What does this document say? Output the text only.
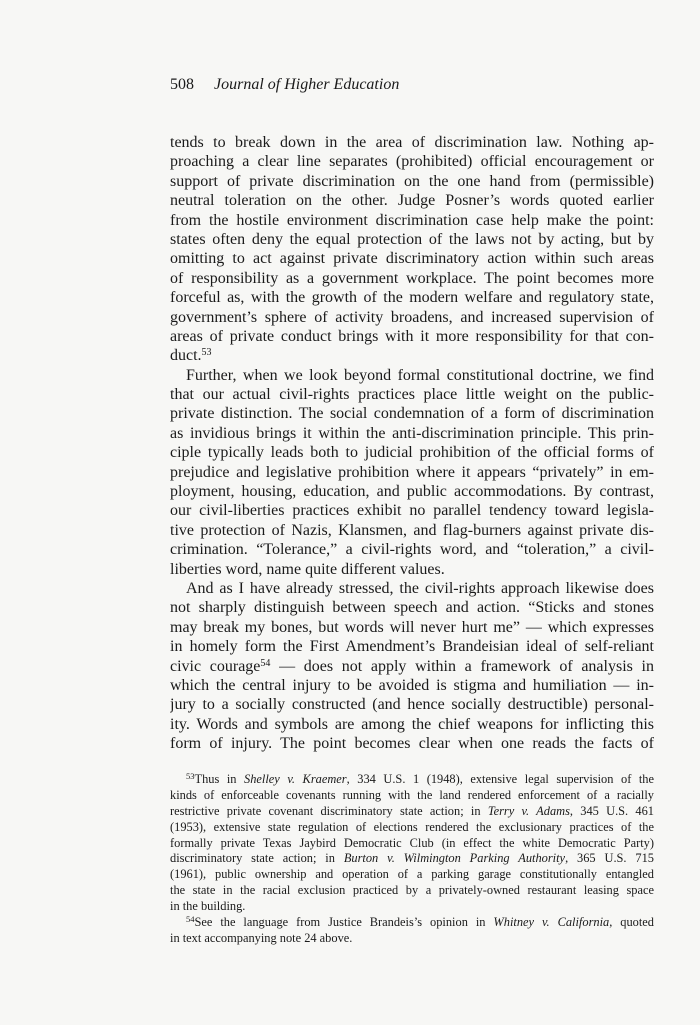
508 Journal of Higher Education
tends to break down in the area of discrimination law. Nothing ap-
proaching a clear line separates (prohibited) official encouragement or
support of private discrimination on the one hand from (permissible)
neutral toleration on the other. Judge Posner’s words quoted earlier
from the hostile environment discrimination case help make the point:
states often deny the equal protection of the laws not by acting, but by
omitting to act against private discriminatory action within such areas
of responsibility as a government workplace. The point becomes more
forceful as, with the growth of the modern welfare and regulatory state,
government’s sphere of activity broadens, and increased supervision of
areas of private conduct brings with it more responsibility for that con-
duct.$^{53}$
Further, when we look beyond formal constitutional doctrine, we find
that our actual civil-rights practices place little weight on the public-
private distinction. The social condemnation of a form of discrimination
as invidious brings it within the anti-discrimination principle. This prin-
ciple typically leads both to judicial prohibition of the official forms of
prejudice and legislative prohibition where it appears “privately” in em-
ployment, housing, education, and public accommodations. By contrast,
our civil-liberties practices exhibit no parallel tendency toward legisla-
tive protection of Nazis, Klansmen, and flag-burners against private dis-
crimination. “Tolerance,” a civil-rights word, and “toleration,” a civil-
liberties word, name quite different values.
And as I have already stressed, the civil-rights approach likewise does
not sharply distinguish between speech and action. “Sticks and stones
may break my bones, but words will never hurt me” — which expresses
in homely form the First Amendment’s Brandeisian ideal of self-reliant
civic courage$^{54}$ — does not apply within a framework of analysis in
which the central injury to be avoided is stigma and humiliation — in-
jury to a socially constructed (and hence socially destructible) personal-
ity. Words and symbols are among the chief weapons for inflicting this
form of injury. The point becomes clear when one reads the facts of
$^{53}$Thus in Shelley v. Kraemer, 334 U.S. 1 (1948), extensive legal supervision of the
kinds of enforceable covenants running with the land rendered enforcement of a racially
restrictive private covenant discriminatory state action; in Terry v. Adams, 345 U.S. 461
(1953), extensive state regulation of elections rendered the exclusionary practices of the
formally private Texas Jaybird Democratic Club (in effect the white Democratic Party)
discriminatory state action; in Burton v. Wilmington Parking Authority, 365 U.S. 715
(1961), public ownership and operation of a parking garage constitutionally entangled
the state in the racial exclusion practiced by a privately-owned restaurant leasing space
in the building.
$^{54}$See the language from Justice Brandeis’s opinion in Whitney v. California, quoted
in text accompanying note 24 above.
